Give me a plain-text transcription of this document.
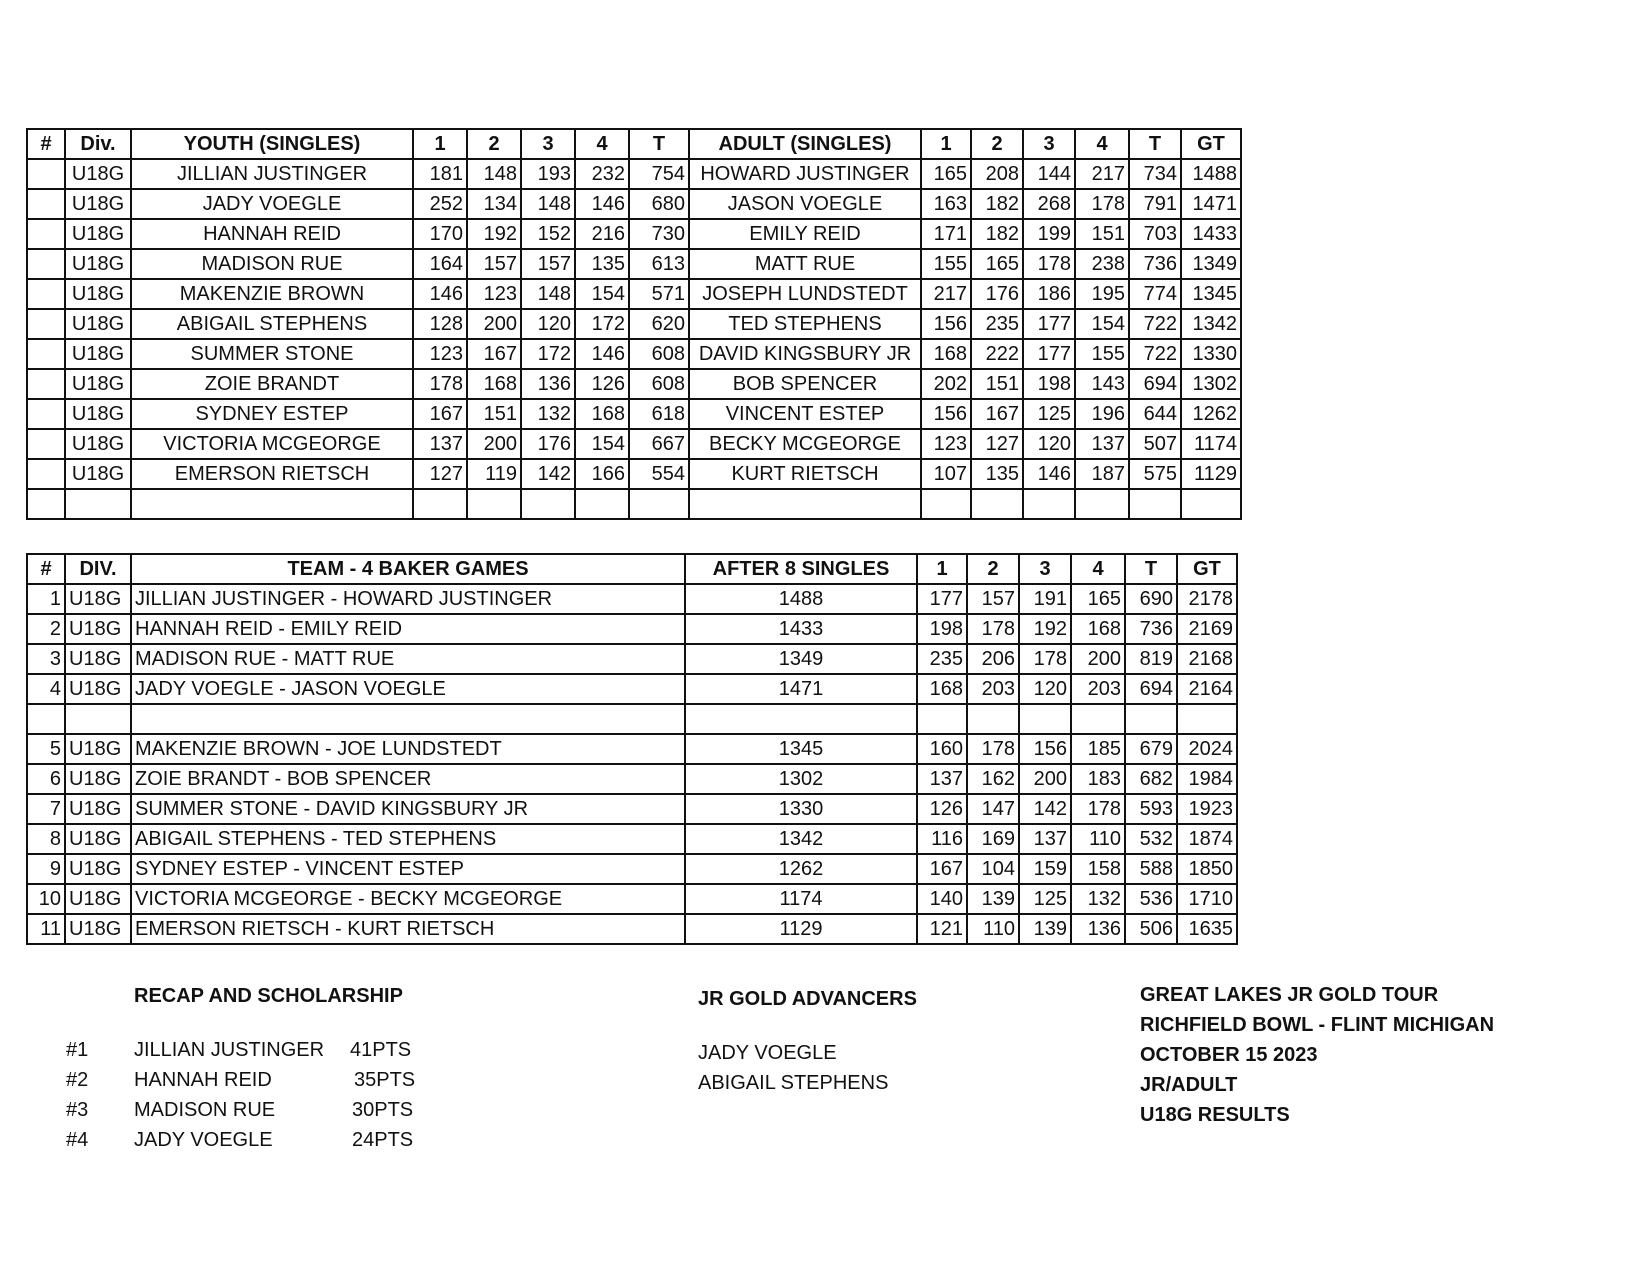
#	Div.	YOUTH (SINGLES)	1	2	3	4	T	ADULT (SINGLES)	1	2	3	4	T	GT
	U18G	JILLIAN JUSTINGER	181	148	193	232	754	HOWARD JUSTINGER	165	208	144	217	734	1488
	U18G	JADY VOEGLE	252	134	148	146	680	JASON VOEGLE	163	182	268	178	791	1471
	U18G	HANNAH REID	170	192	152	216	730	EMILY REID	171	182	199	151	703	1433
	U18G	MADISON RUE	164	157	157	135	613	MATT RUE	155	165	178	238	736	1349
	U18G	MAKENZIE BROWN	146	123	148	154	571	JOSEPH LUNDSTEDT	217	176	186	195	774	1345
	U18G	ABIGAIL STEPHENS	128	200	120	172	620	TED STEPHENS	156	235	177	154	722	1342
	U18G	SUMMER STONE	123	167	172	146	608	DAVID KINGSBURY JR	168	222	177	155	722	1330
	U18G	ZOIE BRANDT	178	168	136	126	608	BOB SPENCER	202	151	198	143	694	1302
	U18G	SYDNEY ESTEP	167	151	132	168	618	VINCENT ESTEP	156	167	125	196	644	1262
	U18G	VICTORIA MCGEORGE	137	200	176	154	667	BECKY MCGEORGE	123	127	120	137	507	1174
	U18G	EMERSON RIETSCH	127	119	142	166	554	KURT RIETSCH	107	135	146	187	575	1129

#	DIV.	TEAM - 4 BAKER GAMES	AFTER 8 SINGLES	1	2	3	4	T	GT
1	U18G	JILLIAN JUSTINGER - HOWARD JUSTINGER	1488	177	157	191	165	690	2178
2	U18G	HANNAH REID - EMILY REID	1433	198	178	192	168	736	2169
3	U18G	MADISON RUE - MATT RUE	1349	235	206	178	200	819	2168
4	U18G	JADY VOEGLE - JASON VOEGLE	1471	168	203	120	203	694	2164

5	U18G	MAKENZIE BROWN - JOE LUNDSTEDT	1345	160	178	156	185	679	2024
6	U18G	ZOIE BRANDT - BOB SPENCER	1302	137	162	200	183	682	1984
7	U18G	SUMMER STONE - DAVID KINGSBURY JR	1330	126	147	142	178	593	1923
8	U18G	ABIGAIL STEPHENS - TED STEPHENS	1342	116	169	137	110	532	1874
9	U18G	SYDNEY ESTEP - VINCENT ESTEP	1262	167	104	159	158	588	1850
10	U18G	VICTORIA MCGEORGE - BECKY MCGEORGE	1174	140	139	125	132	536	1710
11	U18G	EMERSON RIETSCH - KURT RIETSCH	1129	121	110	139	136	506	1635
RECAP AND SCHOLARSHIP
#1 JILLIAN JUSTINGER 41PTS
#2 HANNAH REID	35PTS
#3 MADISON RUE	30PTS
#4 JADY VOEGLE	24PTS
JR GOLD ADVANCERS
JADY VOEGLE
ABIGAIL STEPHENS
GREAT LAKES JR GOLD TOUR
RICHFIELD BOWL - FLINT MICHIGAN
OCTOBER 15 2023
JR/ADULT
U18G RESULTS
